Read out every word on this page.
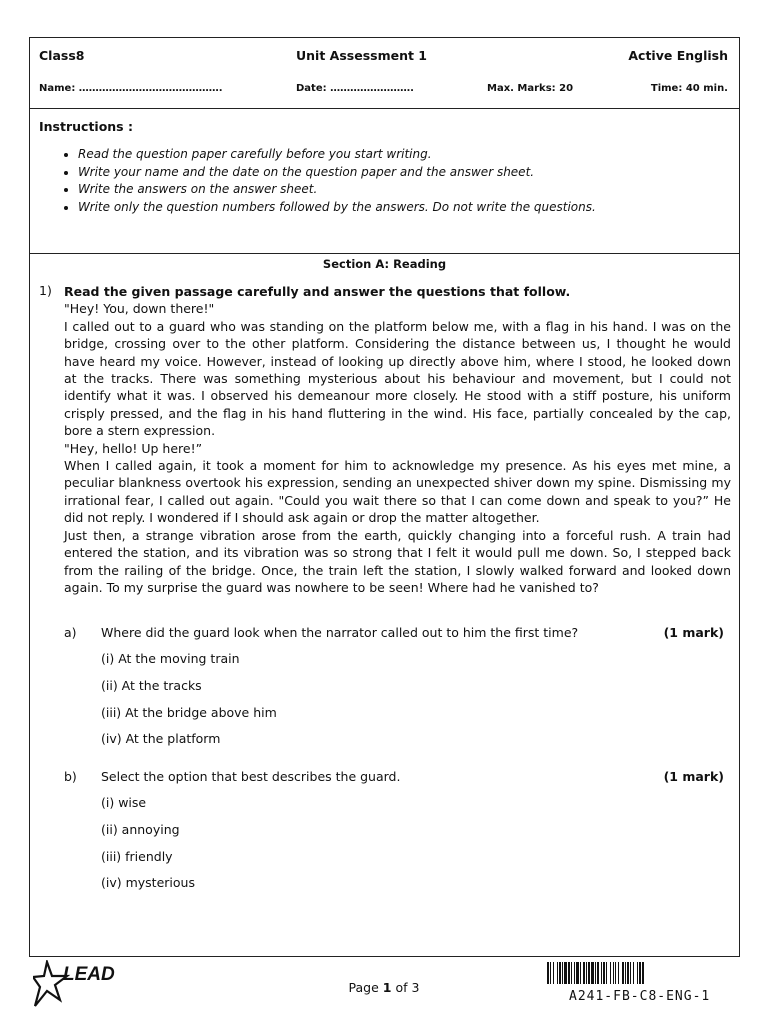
Class8	Unit Assessment 1	Active English
Name: …………………………………….	Date: …………………….	Max. Marks: 20	Time: 40 min.
Instructions :
• Read the question paper carefully before you start writing.
• Write your name and the date on the question paper and the answer sheet.
• Write the answers on the answer sheet.
• Write only the question numbers followed by the answers. Do not write the questions.
Section A: Reading
1) Read the given passage carefully and answer the questions that follow.

"Hey! You, down there!"

I called out to a guard who was standing on the platform below me, with a flag in his hand. I was on the bridge, crossing over to the other platform. Considering the distance between us, I thought he would have heard my voice. However, instead of looking up directly above him, where I stood, he looked down at the tracks. There was something mysterious about his behaviour and movement, but I could not identify what it was. I observed his demeanour more closely. He stood with a stiff posture, his uniform crisply pressed, and the flag in his hand fluttering in the wind. His face, partially concealed by the cap, bore a stern expression.

"Hey, hello! Up here!”

When I called again, it took a moment for him to acknowledge my presence. As his eyes met mine, a peculiar blankness overtook his expression, sending an unexpected shiver down my spine. Dismissing my irrational fear, I called out again. "Could you wait there so that I can come down and speak to you?” He did not reply. I wondered if I should ask again or drop the matter altogether.

Just then, a strange vibration arose from the earth, quickly changing into a forceful rush. A train had entered the station, and its vibration was so strong that I felt it would pull me down. So, I stepped back from the railing of the bridge. Once, the train left the station, I slowly walked forward and looked down again. To my surprise the guard was nowhere to be seen! Where had he vanished to?

a) Where did the guard look when the narrator called out to him the first time?	(1 mark)
(i) At the moving train
(ii) At the tracks
(iii) At the bridge above him
(iv) At the platform
b) Select the option that best describes the guard.	(1 mark)
(i) wise
(ii) annoying
(iii) friendly
(iv) mysterious
LEAD
Page 1 of 3
A241-FB-C8-ENG-1
